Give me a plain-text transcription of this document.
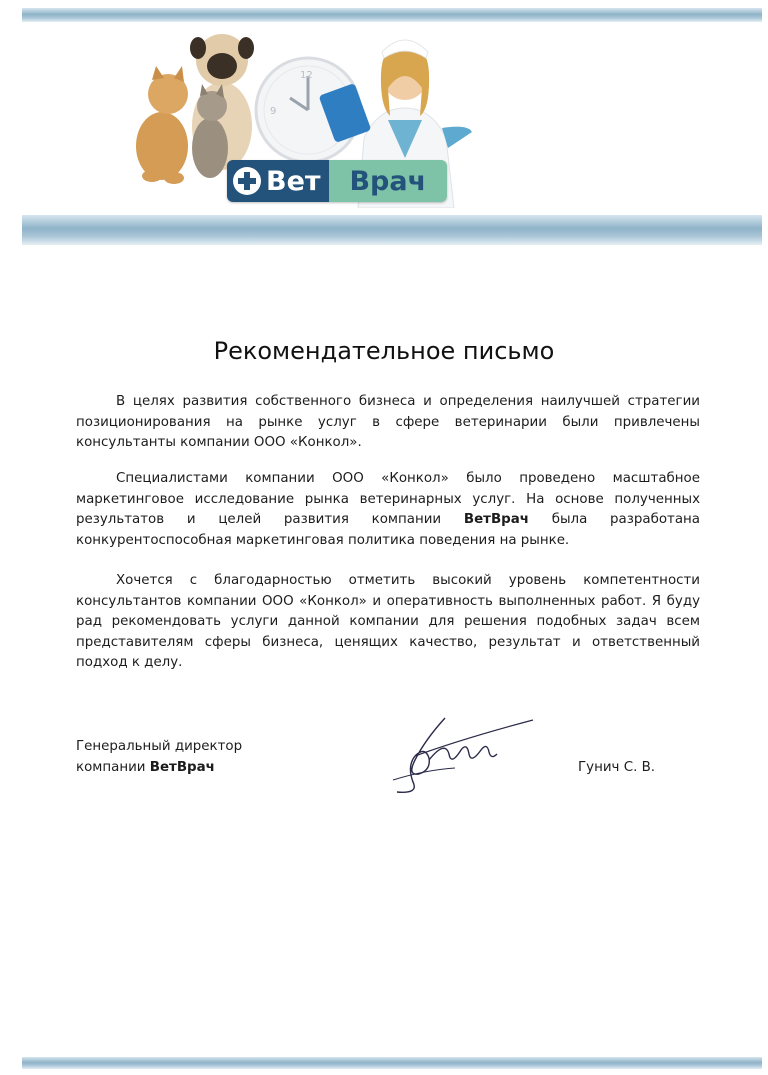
12
9
Вет Врач
Рекомендательное письмо
В целях развития собственного бизнеса и определения наилучшей стратегии позиционирования на рынке услуг в сфере ветеринарии были привлечены консультанты компании ООО «Конкол».
Специалистами компании ООО «Конкол» было проведено масштабное маркетинговое исследование рынка ветеринарных услуг. На основе полученных результатов и целей развития компании ВетВрач была разработана конкурентоспособная маркетинговая политика поведения на рынке.
Хочется с благодарностью отметить высокий уровень компетентности консультантов компании ООО «Конкол» и оперативность выполненных работ. Я буду рад рекомендовать услуги данной компании для решения подобных задач всем представителям сферы бизнеса, ценящих качество, результат и ответственный подход к делу.
Генеральный директор
компании ВетВрач	Гунич С. В.
